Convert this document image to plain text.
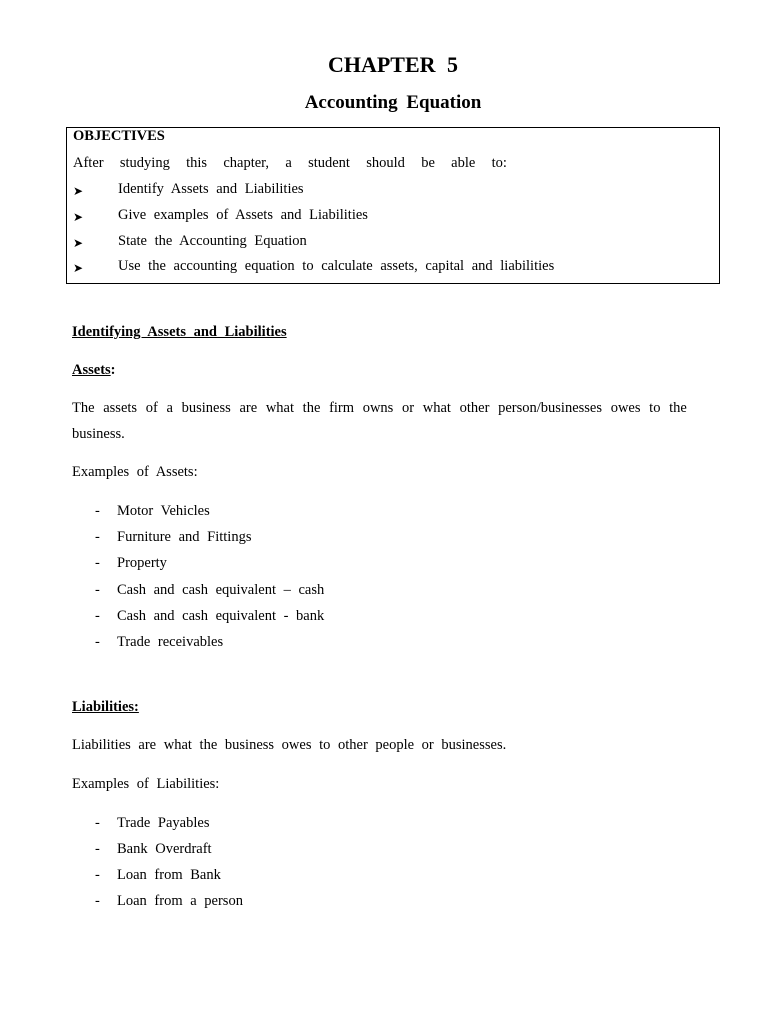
CHAPTER 5
Accounting Equation
OBJECTIVES
After studying this chapter, a student should be able to:
➤ Identify Assets and Liabilities
➤ Give examples of Assets and Liabilities
➤ State the Accounting Equation
➤ Use the accounting equation to calculate assets, capital and liabilities
Identifying Assets and Liabilities
Assets:
The assets of a business are what the firm owns or what other person/businesses owes to the
business.
Examples of Assets:
- Motor Vehicles
- Furniture and Fittings
- Property
- Cash and cash equivalent – cash
- Cash and cash equivalent - bank
- Trade receivables
Liabilities:
Liabilities are what the business owes to other people or businesses.
Examples of Liabilities:
- Trade Payables
- Bank Overdraft
- Loan from Bank
- Loan from a person
